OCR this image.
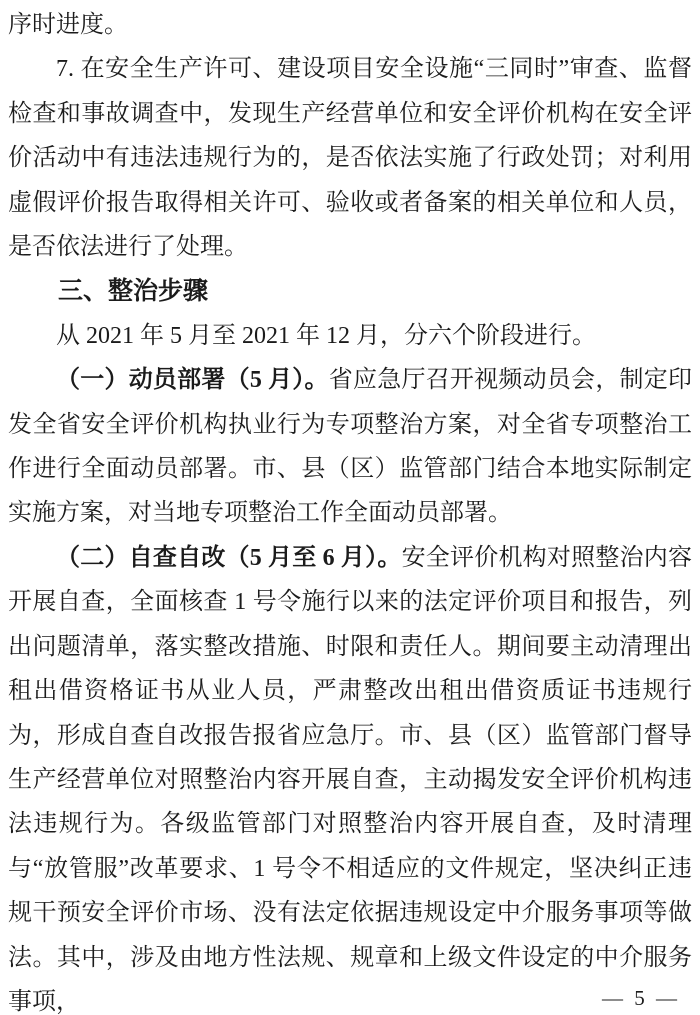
序时进度。

7. 在安全生产许可、建设项目安全设施“三同时”审查、监督检查和事故调查中，发现生产经营单位和安全评价机构在安全评价活动中有违法违规行为的，是否依法实施了行政处罚；对利用虚假评价报告取得相关许可、验收或者备案的相关单位和人员，是否依法进行了处理。

三、整治步骤

从 2021 年 5 月至 2021 年 12 月，分六个阶段进行。

（一）动员部署（5 月）。省应急厅召开视频动员会，制定印发全省安全评价机构执业行为专项整治方案，对全省专项整治工作进行全面动员部署。市、县（区）监管部门结合本地实际制定实施方案，对当地专项整治工作全面动员部署。

（二）自查自改（5 月至 6 月）。安全评价机构对照整治内容开展自查，全面核查 1 号令施行以来的法定评价项目和报告，列出问题清单，落实整改措施、时限和责任人。期间要主动清理出租出借资格证书从业人员，严肃整改出租出借资质证书违规行为，形成自查自改报告报省应急厅。市、县（区）监管部门督导生产经营单位对照整治内容开展自查，主动揭发安全评价机构违法违规行为。各级监管部门对照整治内容开展自查，及时清理与“放管服”改革要求、1 号令不相适应的文件规定，坚决纠正违规干预安全评价市场、没有法定依据违规设定中介服务事项等做法。其中，涉及由地方性法规、规章和上级文件设定的中介服务事项，	— 5 —
